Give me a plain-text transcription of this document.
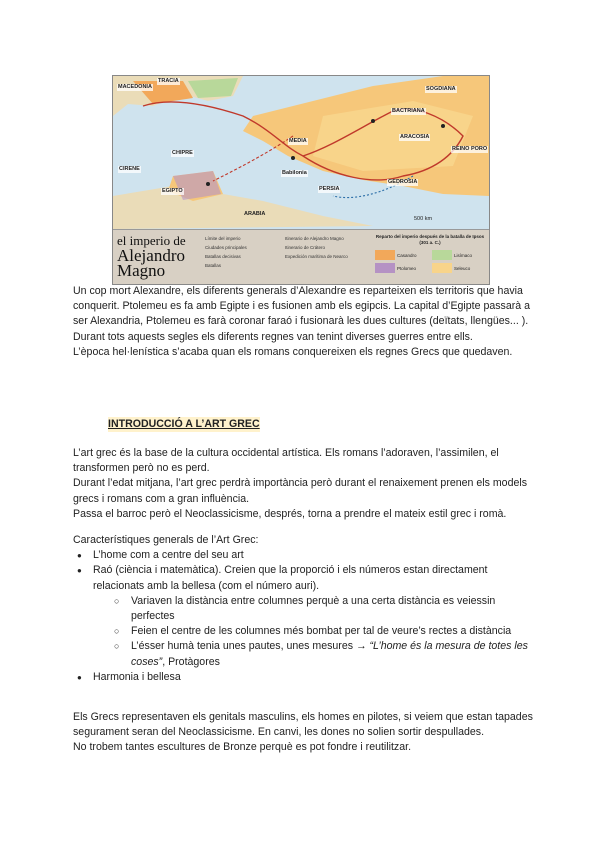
MACEDONIA
TRACIA
CIRENE
EGIPTO
CHIPRE
Babilonia
ARABIA
PERSIA
ARACOSIA
BACTRIANA
SOGDIANA
GEDROSIA
REINO PORO
MEDIA
500 km
el imperio de
Alejandro
Magno
Límite del imperio
Ciudades principales
Batallas decisivas
Batallas
Itinerario de Alejandro Magno
Itinerario de Crátero
Expedición marítima de Nearco
Reparto del imperio después de la batalla de Ipsos (301 a. C.)
Casandro	Lisímaco
Ptolomeo	Seleuco

Un cop mort Alexandre, els diferents generals d’Alexandre es reparteixen els territoris que havia conquerit. Ptolemeu es fa amb Egipte i es fusionen amb els egipcis. La capital d’Egipte passarà a ser Alexandria, Ptolemeu es farà coronar faraó i fusionarà les dues cultures (deïtats, llengües... ).

Durant tots aquests segles els diferents regnes van tenint diverses guerres entre ells.

L’època hel·lenística s’acaba quan els romans conquereixen els regnes Grecs que quedaven.

INTRODUCCIÓ A L’ART GREC

L’art grec és la base de la cultura occidental artística. Els romans l’adoraven, l’assimilen, el transformen però no es perd.

Durant l’edat mitjana, l’art grec perdrà importància però durant el renaixement prenen els models grecs i romans com a gran influència.

Passa el barroc però el Neoclassicisme, després, torna a prendre el mateix estil grec i romà.

Característiques generals de l’Art Grec:

● L’home com a centre del seu art
● Raó (ciència i matemàtica). Creien que la proporció i els números estan directament relacionats amb la bellesa (com el número auri).
○ Variaven la distància entre columnes perquè a una certa distància es veiessin perfectes
○ Feien el centre de les columnes més bombat per tal de veure’s rectes a distància
○ L’ésser humà tenia unes pautes, unes mesures → “L’home és la mesura de totes les coses”, Protàgores
● Harmonia i bellesa

Els Grecs representaven els genitals masculins, els homes en pilotes, si veiem que estan tapades segurament seran del Neoclassicisme. En canvi, les dones no solien sortir despullades.

No trobem tantes escultures de Bronze perquè es pot fondre i reutilitzar.
